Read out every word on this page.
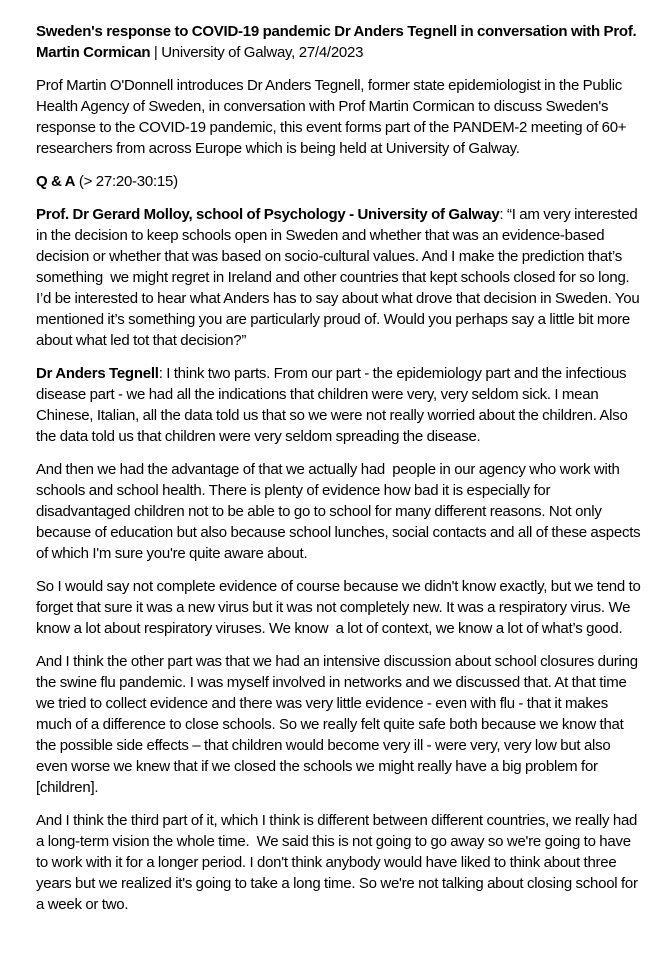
Sweden's response to COVID-19 pandemic Dr Anders Tegnell in conversation with Prof. Martin Cormican | University of Galway, 27/4/2023

Prof Martin O'Donnell introduces Dr Anders Tegnell, former state epidemiologist in the Public Health Agency of Sweden, in conversation with Prof Martin Cormican to discuss Sweden's response to the COVID-19 pandemic, this event forms part of the PANDEM-2 meeting of 60+ researchers from across Europe which is being held at University of Galway.

Q & A (> 27:20-30:15)

Prof. Dr Gerard Molloy, school of Psychology - University of Galway: “I am very interested in the decision to keep schools open in Sweden and whether that was an evidence-based decision or whether that was based on socio-cultural values. And I make the prediction that’s something  we might regret in Ireland and other countries that kept schools closed for so long. I’d be interested to hear what Anders has to say about what drove that decision in Sweden. You mentioned it’s something you are particularly proud of. Would you perhaps say a little bit more about what led tot that decision?”

Dr Anders Tegnell: I think two parts. From our part - the epidemiology part and the infectious disease part - we had all the indications that children were very, very seldom sick. I mean Chinese, Italian, all the data told us that so we were not really worried about the children. Also the data told us that children were very seldom spreading the disease.

And then we had the advantage of that we actually had  people in our agency who work with schools and school health. There is plenty of evidence how bad it is especially for disadvantaged children not to be able to go to school for many different reasons. Not only because of education but also because school lunches, social contacts and all of these aspects of which I'm sure you're quite aware about.

So I would say not complete evidence of course because we didn't know exactly, but we tend to forget that sure it was a new virus but it was not completely new. It was a respiratory virus. We know a lot about respiratory viruses. We know  a lot of context, we know a lot of what’s good.

And I think the other part was that we had an intensive discussion about school closures during the swine flu pandemic. I was myself involved in networks and we discussed that. At that time we tried to collect evidence and there was very little evidence - even with flu - that it makes much of a difference to close schools. So we really felt quite safe both because we know that the possible side effects – that children would become very ill - were very, very low but also even worse we knew that if we closed the schools we might really have a big problem for [children].

And I think the third part of it, which I think is different between different countries, we really had a long-term vision the whole time.  We said this is not going to go away so we're going to have to work with it for a longer period. I don't think anybody would have liked to think about three years but we realized it's going to take a long time. So we're not talking about closing school for a week or two.
